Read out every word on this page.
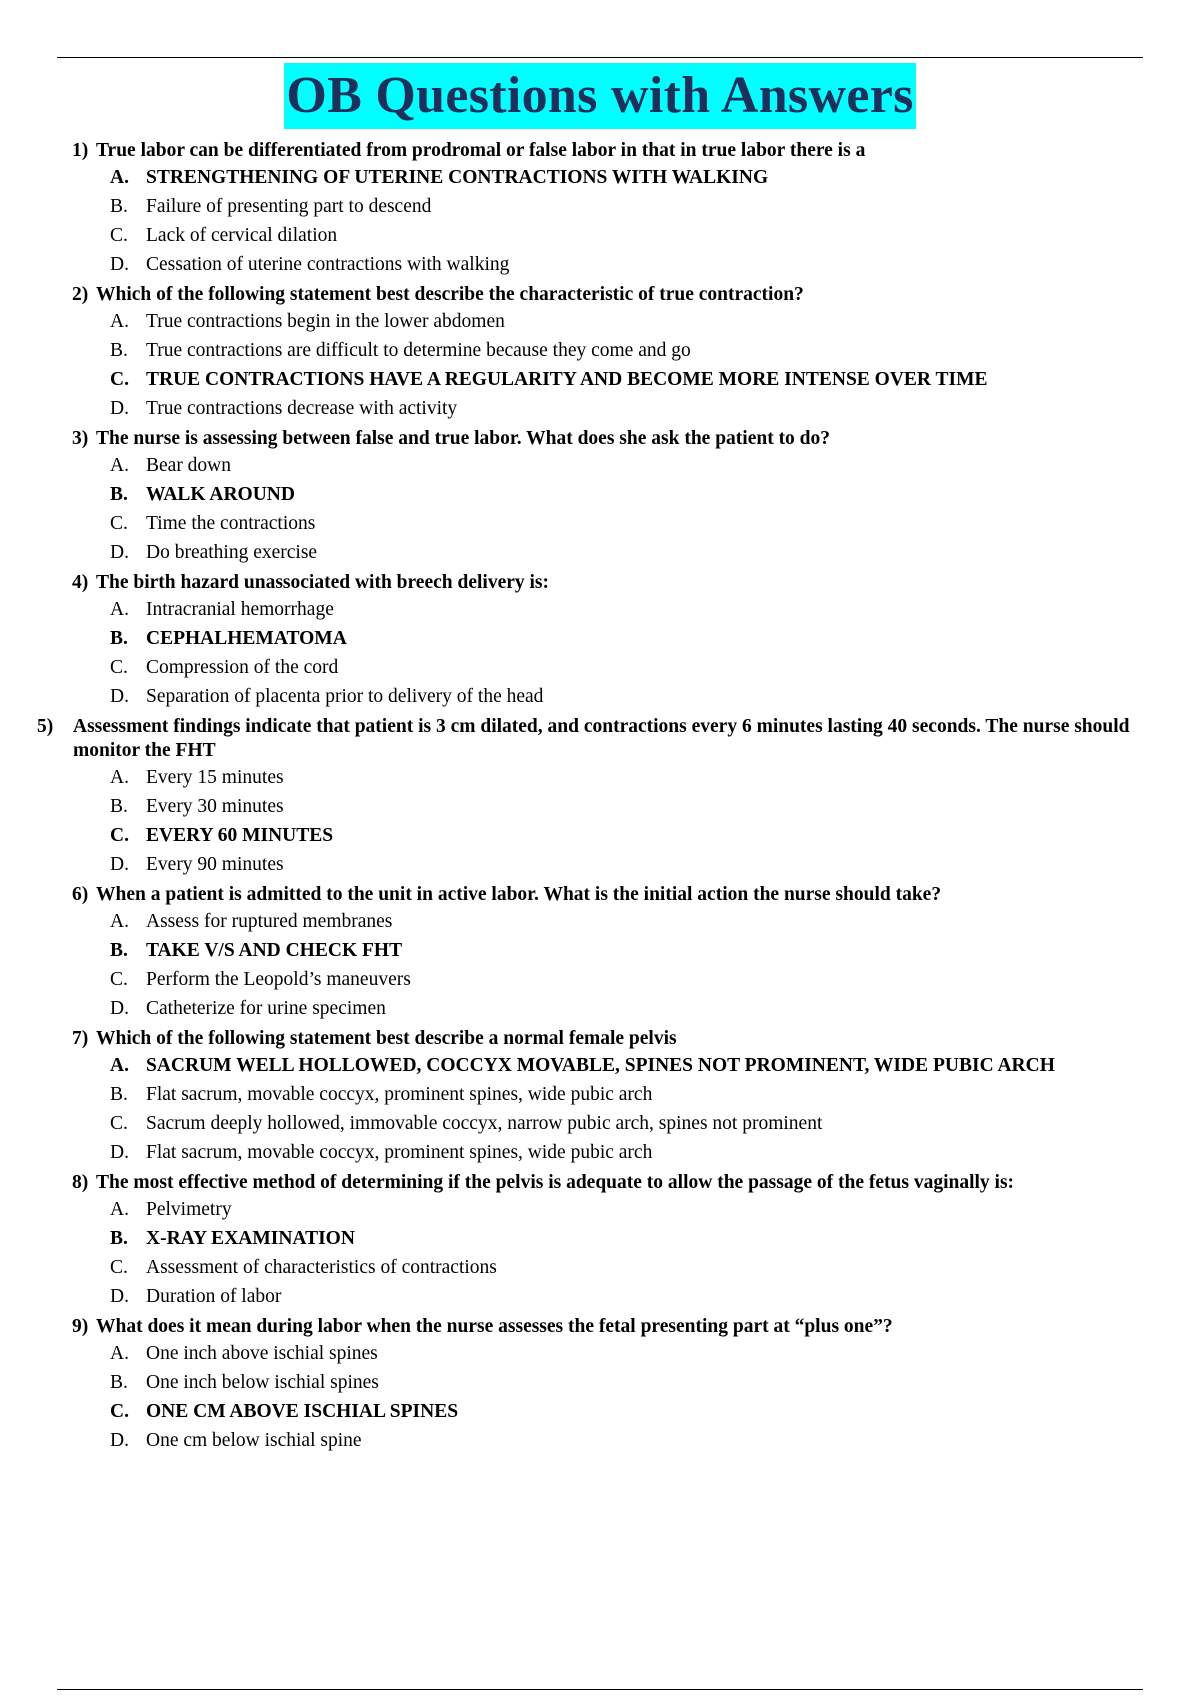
OB Questions with Answers
1) True labor can be differentiated from prodromal or false labor in that in true labor there is a
A. STRENGTHENING OF UTERINE CONTRACTIONS WITH WALKING
B. Failure of presenting part to descend
C. Lack of cervical dilation
D. Cessation of uterine contractions with walking
2) Which of the following statement best describe the characteristic of true contraction?
A. True contractions begin in the lower abdomen
B. True contractions are difficult to determine because they come and go
C. TRUE CONTRACTIONS HAVE A REGULARITY AND BECOME MORE INTENSE OVER TIME
D. True contractions decrease with activity
3) The nurse is assessing between false and true labor. What does she ask the patient to do?
A. Bear down
B. WALK AROUND
C. Time the contractions
D. Do breathing exercise
4) The birth hazard unassociated with breech delivery is:
A. Intracranial hemorrhage
B. CEPHALHEMATOMA
C. Compression of the cord
D. Separation of placenta prior to delivery of the head
5) Assessment findings indicate that patient is 3 cm dilated, and contractions every 6 minutes lasting 40 seconds. The nurse should monitor the FHT
A. Every 15 minutes
B. Every 30 minutes
C. EVERY 60 MINUTES
D. Every 90 minutes
6) When a patient is admitted to the unit in active labor. What is the initial action the nurse should take?
A. Assess for ruptured membranes
B. TAKE V/S AND CHECK FHT
C. Perform the Leopold’s maneuvers
D. Catheterize for urine specimen
7) Which of the following statement best describe a normal female pelvis
A. SACRUM WELL HOLLOWED, COCCYX MOVABLE, SPINES NOT PROMINENT, WIDE PUBIC ARCH
B. Flat sacrum, movable coccyx, prominent spines, wide pubic arch
C. Sacrum deeply hollowed, immovable coccyx, narrow pubic arch, spines not prominent
D. Flat sacrum, movable coccyx, prominent spines, wide pubic arch
8) The most effective method of determining if the pelvis is adequate to allow the passage of the fetus vaginally is:
A. Pelvimetry
B. X-RAY EXAMINATION
C. Assessment of characteristics of contractions
D. Duration of labor
9) What does it mean during labor when the nurse assesses the fetal presenting part at “plus one”?
A. One inch above ischial spines
B. One inch below ischial spines
C. ONE CM ABOVE ISCHIAL SPINES
D. One cm below ischial spine
